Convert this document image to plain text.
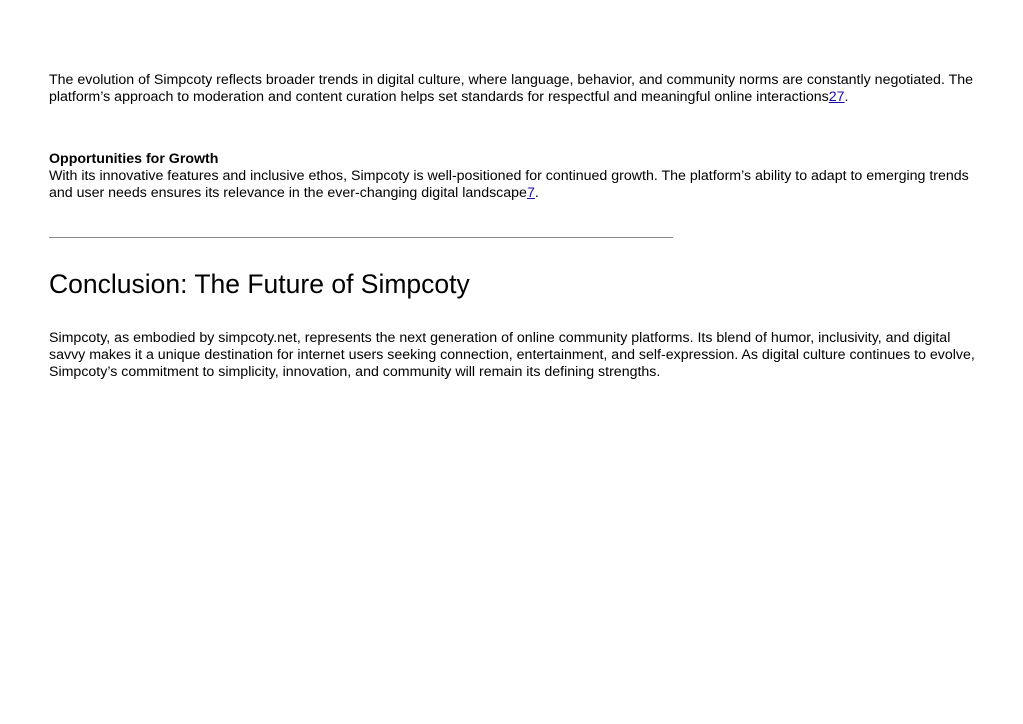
The evolution of Simpcoty reflects broader trends in digital culture, where language, behavior, and community norms are constantly negotiated. The platform’s approach to moderation and content curation helps set standards for respectful and meaningful online interactions27.

Opportunities for Growth
With its innovative features and inclusive ethos, Simpcoty is well-positioned for continued growth. The platform’s ability to adapt to emerging trends and user needs ensures its relevance in the ever-changing digital landscape7.

Conclusion: The Future of Simpcoty

Simpcoty, as embodied by simpcoty.net, represents the next generation of online community platforms. Its blend of humor, inclusivity, and digital savvy makes it a unique destination for internet users seeking connection, entertainment, and self-expression. As digital culture continues to evolve, Simpcoty’s commitment to simplicity, innovation, and community will remain its defining strengths.
